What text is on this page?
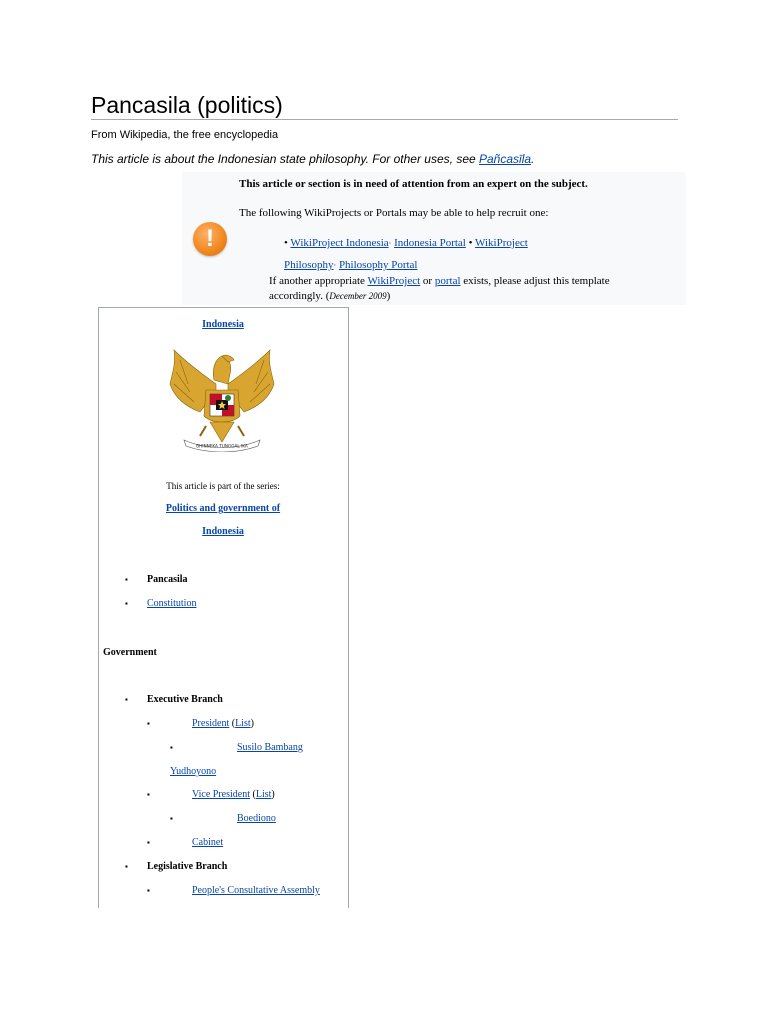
Pancasila (politics)
From Wikipedia, the free encyclopedia
This article is about the Indonesian state philosophy. For other uses, see Pañcasīla.
!
This article or section is in need of attention from an expert on the subject.
The following WikiProjects or Portals may be able to help recruit one:
• WikiProject Indonesia· Indonesia Portal • WikiProject
Philosophy· Philosophy Portal
If another appropriate WikiProject or portal exists, please adjust this template
accordingly. (December 2009)
Indonesia
BHINNEKA TUNGGAL IKA
This article is part of the series:
Politics and government of
Indonesia
▪ Pancasila
▪ Constitution
Government
▪ Executive Branch
▪	President (List)
▪	Susilo Bambang
Yudhoyono
▪	Vice President (List)
▪	Boediono
▪	Cabinet
▪ Legislative Branch
▪	People's Consultative Assembly
